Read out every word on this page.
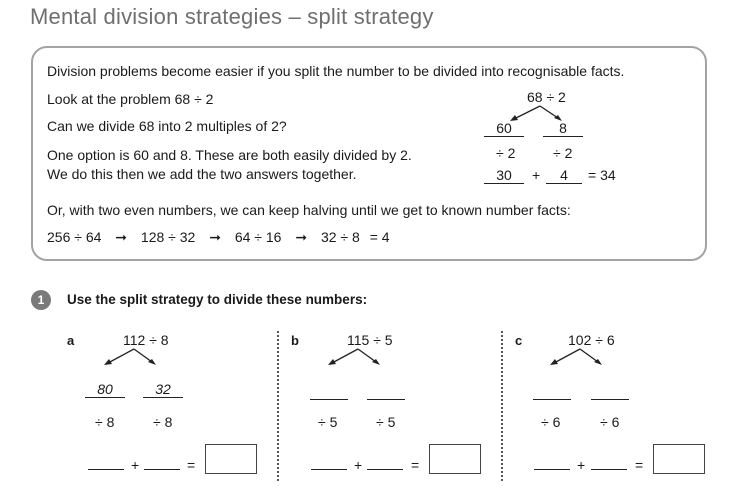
Mental division strategies – split strategy
Division problems become easier if you split the number to be divided into recognisable facts.
Look at the problem 68 ÷ 2
Can we divide 68 into 2 multiples of 2?
One option is 60 and 8. These are both easily divided by 2.
We do this then we add the two answers together.
Or, with two even numbers, we can keep halving until we get to known number facts:
256 ÷ 64 ➞ 128 ÷ 32 ➞ 64 ÷ 16 ➞ 32 ÷ 8 = 4
68 ÷ 2
60	8
÷ 2	÷ 2
30	+	4	= 34
1	Use the split strategy to divide these numbers:
a	112 ÷ 8
80	32
÷ 8	÷ 8
+	=
b	115 ÷ 5
÷ 5	÷ 5
+	=
c	102 ÷ 6
÷ 6	÷ 6
+	=
